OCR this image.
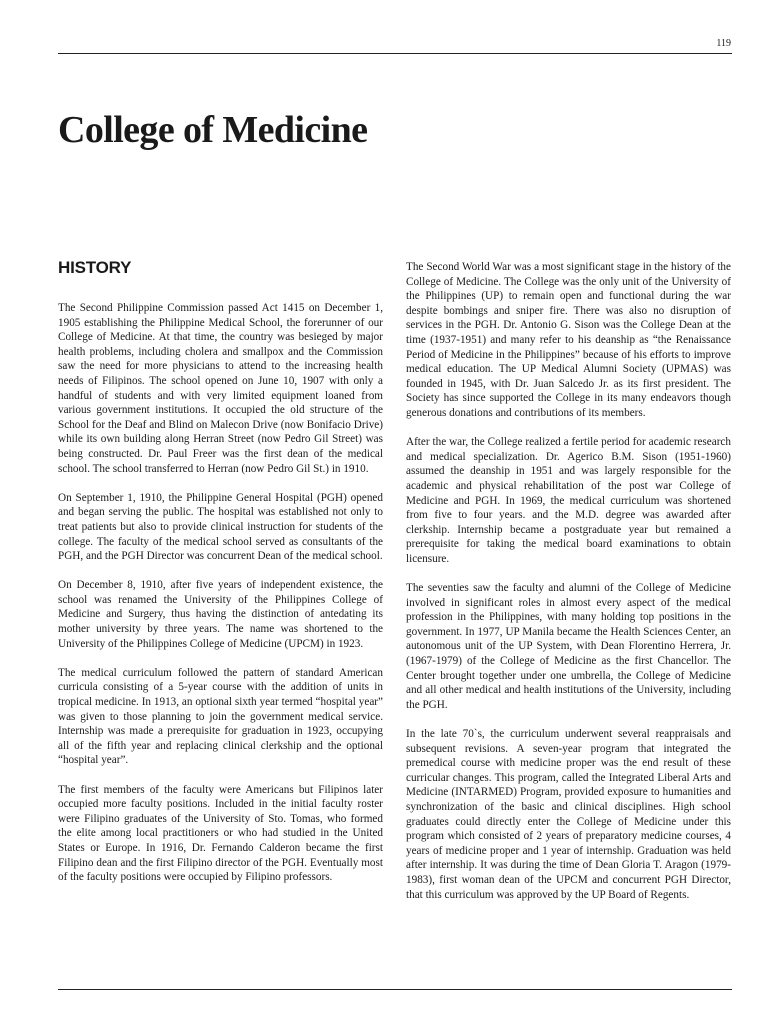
119
College of Medicine
HISTORY

The Second Philippine Commission passed Act 1415 on December 1, 1905 establishing the Philippine Medical School, the forerunner of our College of Medicine. At that time, the country was besieged by major health problems, including cholera and smallpox and the Commission saw the need for more physicians to attend to the increasing health needs of Filipinos. The school opened on June 10, 1907 with only a handful of students and with very limited equipment loaned from various government institutions. It occupied the old structure of the School for the Deaf and Blind on Malecon Drive (now Bonifacio Drive) while its own building along Herran Street (now Pedro Gil Street) was being constructed. Dr. Paul Freer was the first dean of the medical school. The school transferred to Herran (now Pedro Gil St.) in 1910.

On September 1, 1910, the Philippine General Hospital (PGH) opened and began serving the public. The hospital was established not only to treat patients but also to provide clinical instruction for students of the college. The faculty of the medical school served as consultants of the PGH, and the PGH Director was concurrent Dean of the medical school.

On December 8, 1910, after five years of independent existence, the school was renamed the University of the Philippines College of Medicine and Surgery, thus having the distinction of antedating its mother university by three years. The name was shortened to the University of the Philippines College of Medicine (UPCM) in 1923.

The medical curriculum followed the pattern of standard American curricula consisting of a 5-year course with the addition of units in tropical medicine. In 1913, an optional sixth year termed “hospital year” was given to those planning to join the government medical service. Internship was made a prerequisite for graduation in 1923, occupying all of the fifth year and replacing clinical clerkship and the optional “hospital year”.

The first members of the faculty were Americans but Filipinos later occupied more faculty positions. Included in the initial faculty roster were Filipino graduates of the University of Sto. Tomas, who formed the elite among local practitioners or who had studied in the United States or Europe. In 1916, Dr. Fernando Calderon became the first Filipino dean and the first Filipino director of the PGH. Eventually most of the faculty positions were occupied by Filipino professors.

The Second World War was a most significant stage in the history of the College of Medicine. The College was the only unit of the University of the Philippines (UP) to remain open and functional during the war despite bombings and sniper fire. There was also no disruption of services in the PGH. Dr. Antonio G. Sison was the College Dean at the time (1937-1951) and many refer to his deanship as “the Renaissance Period of Medicine in the Philippines” because of his efforts to improve medical education. The UP Medical Alumni Society (UPMAS) was founded in 1945, with Dr. Juan Salcedo Jr. as its first president. The Society has since supported the College in its many endeavors though generous donations and contributions of its members.

After the war, the College realized a fertile period for academic research and medical specialization. Dr. Agerico B.M. Sison (1951-1960) assumed the deanship in 1951 and was largely responsible for the academic and physical rehabilitation of the post war College of Medicine and PGH. In 1969, the medical curriculum was shortened from five to four years. and the M.D. degree was awarded after clerkship. Internship became a postgraduate year but remained a prerequisite for taking the medical board examinations to obtain licensure.

The seventies saw the faculty and alumni of the College of Medicine involved in significant roles in almost every aspect of the medical profession in the Philippines, with many holding top positions in the government. In 1977, UP Manila became the Health Sciences Center, an autonomous unit of the UP System, with Dean Florentino Herrera, Jr. (1967-1979) of the College of Medicine as the first Chancellor. The Center brought together under one umbrella, the College of Medicine and all other medical and health institutions of the University, including the PGH.

In the late 70`s, the curriculum underwent several reappraisals and subsequent revisions. A seven-year program that integrated the premedical course with medicine proper was the end result of these curricular changes. This program, called the Integrated Liberal Arts and Medicine (INTARMED) Program, provided exposure to humanities and synchronization of the basic and clinical disciplines. High school graduates could directly enter the College of Medicine under this program which consisted of 2 years of preparatory medicine courses, 4 years of medicine proper and 1 year of internship. Graduation was held after internship. It was during the time of Dean Gloria T. Aragon (1979-1983), first woman dean of the UPCM and concurrent PGH Director, that this curriculum was approved by the UP Board of Regents.
